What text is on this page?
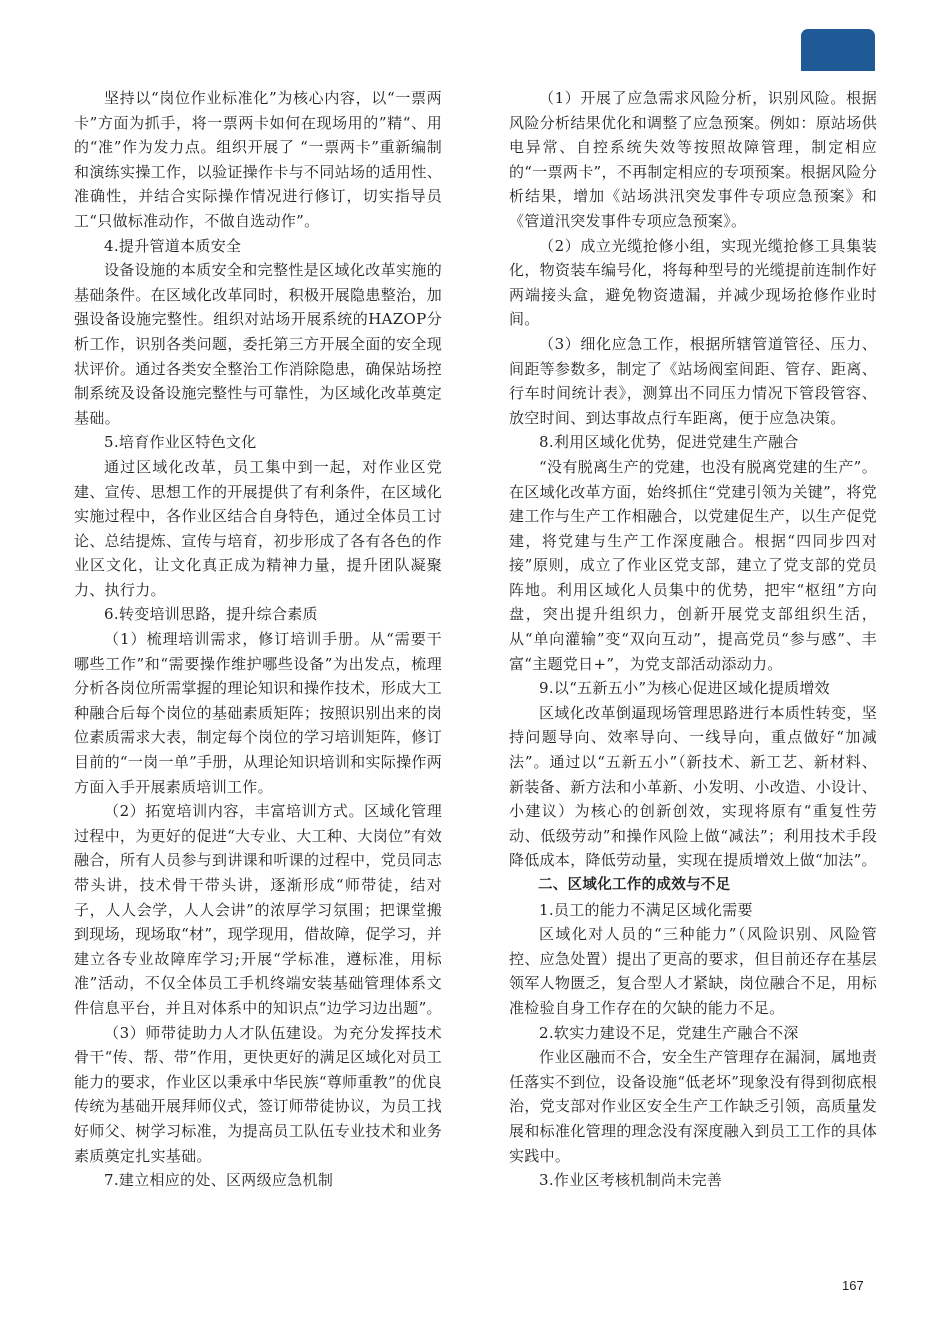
坚持以“岗位作业标准化”为核心内容，以“一票两卡”方面为抓手，将一票两卡如何在现场用的”精“、用的“准”作为发力点。组织开展了 “一票两卡”重新编制和演练实操工作，以验证操作卡与不同站场的适用性、准确性，并结合实际操作情况进行修订，切实指导员工“只做标准动作，不做自选动作”。

4.提升管道本质安全

设备设施的本质安全和完整性是区域化改革实施的基础条件。在区域化改革同时，积极开展隐患整治，加强设备设施完整性。组织对站场开展系统的HAZOP分析工作，识别各类问题，委托第三方开展全面的安全现状评价。通过各类安全整治工作消除隐患，确保站场控制系统及设备设施完整性与可靠性，为区域化改革奠定基础。

5.培育作业区特色文化

通过区域化改革，员工集中到一起，对作业区党建、宣传、思想工作的开展提供了有利条件，在区域化实施过程中，各作业区结合自身特色，通过全体员工讨论、总结提炼、宣传与培育，初步形成了各有各色的作业区文化，让文化真正成为精神力量，提升团队凝聚力、执行力。

6.转变培训思路，提升综合素质

（1）梳理培训需求，修订培训手册。从“需要干哪些工作”和“需要操作维护哪些设备”为出发点，梳理分析各岗位所需掌握的理论知识和操作技术，形成大工种融合后每个岗位的基础素质矩阵；按照识别出来的岗位素质需求大表，制定每个岗位的学习培训矩阵，修订目前的“一岗一单”手册，从理论知识培训和实际操作两方面入手开展素质培训工作。

（2）拓宽培训内容，丰富培训方式。区域化管理过程中，为更好的促进“大专业、大工种、大岗位”有效融合，所有人员参与到讲课和听课的过程中，党员同志带头讲，技术骨干带头讲，逐渐形成“师带徒，结对子，人人会学，人人会讲”的浓厚学习氛围；把课堂搬到现场，现场取“材”，现学现用，借故障，促学习，并建立各专业故障库学习;开展“学标准，遵标准，用标准”活动，不仅全体员工手机终端安装基础管理体系文件信息平台，并且对体系中的知识点“边学习边出题”。

（3）师带徒助力人才队伍建设。为充分发挥技术骨干“传、帮、带”作用，更快更好的满足区域化对员工能力的要求，作业区以秉承中华民族“尊师重教”的优良传统为基础开展拜师仪式，签订师带徒协议，为员工找好师父、树学习标准，为提高员工队伍专业技术和业务素质奠定扎实基础。

7.建立相应的处、区两级应急机制

（1）开展了应急需求风险分析，识别风险。根据风险分析结果优化和调整了应急预案。例如：原站场供电异常、自控系统失效等按照故障管理，制定相应的“一票两卡”，不再制定相应的专项预案。根据风险分析结果，增加《站场洪汛突发事件专项应急预案》和《管道汛突发事件专项应急预案》。

（2）成立光缆抢修小组，实现光缆抢修工具集装化，物资装车编号化，将每种型号的光缆提前连制作好两端接头盒，避免物资遗漏，并减少现场抢修作业时间。

（3）细化应急工作，根据所辖管道管径、压力、间距等参数多，制定了《站场阀室间距、管存、距离、行车时间统计表》，测算出不同压力情况下管段管容、放空时间、到达事故点行车距离，便于应急决策。

8.利用区域化优势，促进党建生产融合

“没有脱离生产的党建，也没有脱离党建的生产”。在区域化改革方面，始终抓住“党建引领为关键”，将党建工作与生产工作相融合，以党建促生产，以生产促党建，将党建与生产工作深度融合。根据“四同步四对接”原则，成立了作业区党支部，建立了党支部的党员阵地。利用区域化人员集中的优势，把牢“枢纽”方向盘，突出提升组织力，创新开展党支部组织生活，从“单向灌输”变“双向互动”，提高党员“参与感”、丰富“主题党日+”，为党支部活动添动力。

9.以“五新五小”为核心促进区域化提质增效

区域化改革倒逼现场管理思路进行本质性转变，坚持问题导向、效率导向、一线导向，重点做好“加减法”。通过以“五新五小”（新技术、新工艺、新材料、新装备、新方法和小革新、小发明、小改造、小设计、小建议）为核心的创新创效，实现将原有“重复性劳动、低级劳动”和操作风险上做“减法”；利用技术手段降低成本，降低劳动量，实现在提质增效上做“加法”。

二、区域化工作的成效与不足

1.员工的能力不满足区域化需要

区域化对人员的“三种能力”（风险识别、风险管控、应急处置）提出了更高的要求，但目前还存在基层领军人物匮乏，复合型人才紧缺，岗位融合不足，用标准检验自身工作存在的欠缺的能力不足。

2.软实力建设不足，党建生产融合不深

作业区融而不合，安全生产管理存在漏洞，属地责任落实不到位，设备设施“低老坏”现象没有得到彻底根治，党支部对作业区安全生产工作缺乏引领，高质量发展和标准化管理的理念没有深度融入到员工工作的具体实践中。

3.作业区考核机制尚未完善

167
